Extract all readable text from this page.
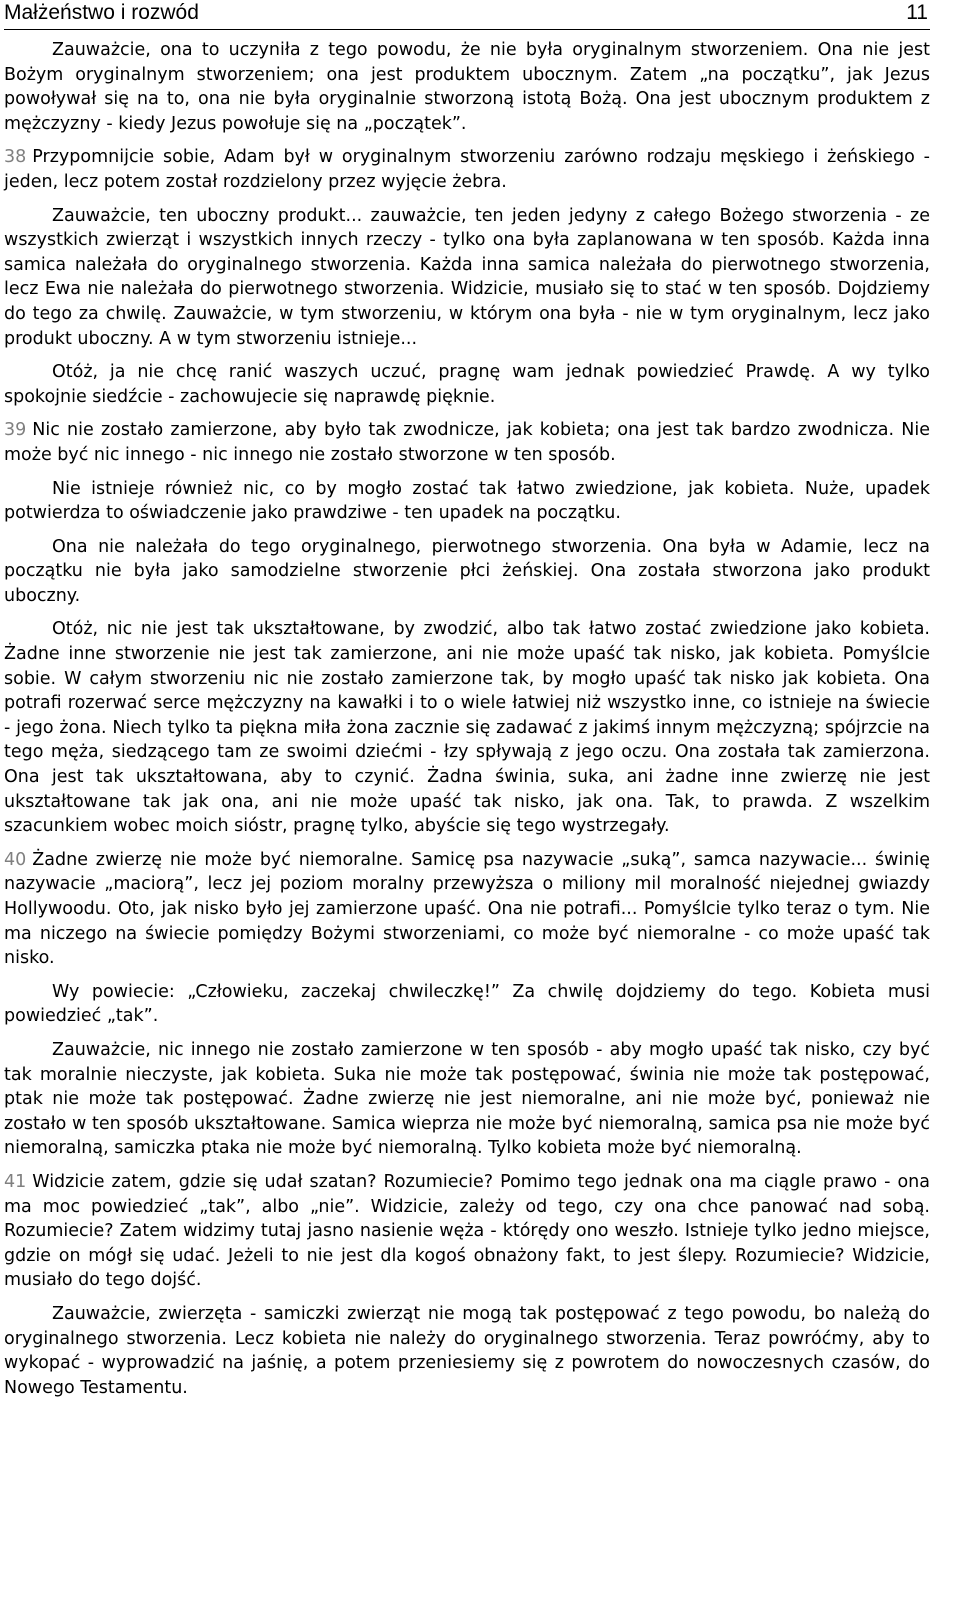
Małżeństwo i rozwód	11

Zauważcie, ona to uczyniła z tego powodu, że nie była oryginalnym stworzeniem. Ona nie jest Bożym oryginalnym stworzeniem; ona jest produktem ubocznym. Zatem „na początku”, jak Jezus powoływał się na to, ona nie była oryginalnie stworzoną istotą Bożą. Ona jest ubocznym produktem z mężczyzny - kiedy Jezus powołuje się na „początek”.

38 Przypomnijcie sobie, Adam był w oryginalnym stworzeniu zarówno rodzaju męskiego i żeńskiego - jeden, lecz potem został rozdzielony przez wyjęcie żebra.

Zauważcie, ten uboczny produkt... zauważcie, ten jeden jedyny z całego Bożego stworzenia - ze wszystkich zwierząt i wszystkich innych rzeczy - tylko ona była zaplanowana w ten sposób. Każda inna samica należała do oryginalnego stworzenia. Każda inna samica należała do pierwotnego stworzenia, lecz Ewa nie należała do pierwotnego stworzenia. Widzicie, musiało się to stać w ten sposób. Dojdziemy do tego za chwilę. Zauważcie, w tym stworzeniu, w którym ona była - nie w tym oryginalnym, lecz jako produkt uboczny. A w tym stworzeniu istnieje...

Otóż, ja nie chcę ranić waszych uczuć, pragnę wam jednak powiedzieć Prawdę. A wy tylko spokojnie siedźcie - zachowujecie się naprawdę pięknie.

39 Nic nie zostało zamierzone, aby było tak zwodnicze, jak kobieta; ona jest tak bardzo zwodnicza. Nie może być nic innego - nic innego nie zostało stworzone w ten sposób.

Nie istnieje również nic, co by mogło zostać tak łatwo zwiedzione, jak kobieta. Nuże, upadek potwierdza to oświadczenie jako prawdziwe - ten upadek na początku.

Ona nie należała do tego oryginalnego, pierwotnego stworzenia. Ona była w Adamie, lecz na początku nie była jako samodzielne stworzenie płci żeńskiej. Ona została stworzona jako produkt uboczny.

Otóż, nic nie jest tak ukształtowane, by zwodzić, albo tak łatwo zostać zwiedzione jako kobieta. Żadne inne stworzenie nie jest tak zamierzone, ani nie może upaść tak nisko, jak kobieta. Pomyślcie sobie. W całym stworzeniu nic nie zostało zamierzone tak, by mogło upaść tak nisko jak kobieta. Ona potrafi rozerwać serce mężczyzny na kawałki i to o wiele łatwiej niż wszystko inne, co istnieje na świecie - jego żona. Niech tylko ta piękna miła żona zacznie się zadawać z jakimś innym mężczyzną; spójrzcie na tego męża, siedzącego tam ze swoimi dziećmi - łzy spływają z jego oczu. Ona została tak zamierzona. Ona jest tak ukształtowana, aby to czynić. Żadna świnia, suka, ani żadne inne zwierzę nie jest ukształtowane tak jak ona, ani nie może upaść tak nisko, jak ona. Tak, to prawda. Z wszelkim szacunkiem wobec moich sióstr, pragnę tylko, abyście się tego wystrzegały.

40 Żadne zwierzę nie może być niemoralne. Samicę psa nazywacie „suką”, samca nazywacie... świnię nazywacie „maciorą”, lecz jej poziom moralny przewyższa o miliony mil moralność niejednej gwiazdy Hollywoodu. Oto, jak nisko było jej zamierzone upaść. Ona nie potrafi... Pomyślcie tylko teraz o tym. Nie ma niczego na świecie pomiędzy Bożymi stworzeniami, co może być niemoralne - co może upaść tak nisko.

Wy powiecie: „Człowieku, zaczekaj chwileczkę!” Za chwilę dojdziemy do tego. Kobieta musi powiedzieć „tak”.

Zauważcie, nic innego nie zostało zamierzone w ten sposób - aby mogło upaść tak nisko, czy być tak moralnie nieczyste, jak kobieta. Suka nie może tak postępować, świnia nie może tak postępować, ptak nie może tak postępować. Żadne zwierzę nie jest niemoralne, ani nie może być, ponieważ nie zostało w ten sposób ukształtowane. Samica wieprza nie może być niemoralną, samica psa nie może być niemoralną, samiczka ptaka nie może być niemoralną. Tylko kobieta może być niemoralną.

41 Widzicie zatem, gdzie się udał szatan? Rozumiecie? Pomimo tego jednak ona ma ciągle prawo - ona ma moc powiedzieć „tak”, albo „nie”. Widzicie, zależy od tego, czy ona chce panować nad sobą. Rozumiecie? Zatem widzimy tutaj jasno nasienie węża - którędy ono weszło. Istnieje tylko jedno miejsce, gdzie on mógł się udać. Jeżeli to nie jest dla kogoś obnażony fakt, to jest ślepy. Rozumiecie? Widzicie, musiało do tego dojść.

Zauważcie, zwierzęta - samiczki zwierząt nie mogą tak postępować z tego powodu, bo należą do oryginalnego stworzenia. Lecz kobieta nie należy do oryginalnego stworzenia. Teraz powróćmy, aby to wykopać - wyprowadzić na jaśnię, a potem przeniesiemy się z powrotem do nowoczesnych czasów, do Nowego Testamentu.
